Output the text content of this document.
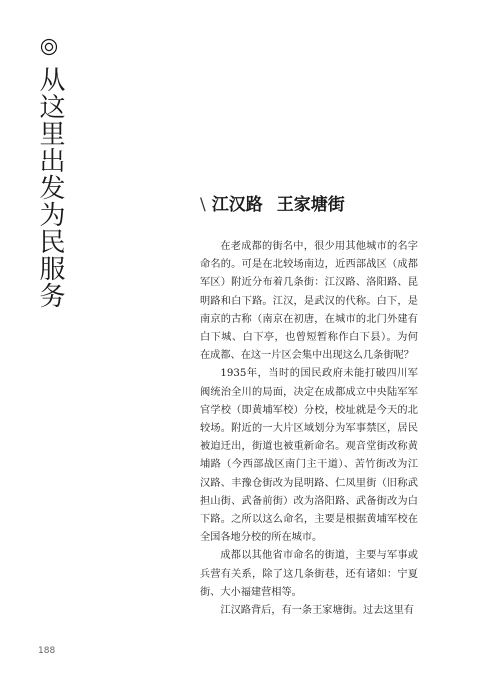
从这里出发为民服务	\ 江汉路 王家塘街

在老成都的街名中，很少用其他城市的名字命名的。可是在北较场南边，近西部战区（成都军区）附近分布着几条街：江汉路、洛阳路、昆明路和白下路。江汉，是武汉的代称。白下，是南京的古称（南京在初唐，在城市的北门外建有白下城、白下亭，也曾短暂称作白下县）。为何在成都、在这一片区会集中出现这么几条街呢？

1935年，当时的国民政府未能打破四川军阀统治全川的局面，决定在成都成立中央陆军军官学校（即黄埔军校）分校，校址就是今天的北较场。附近的一大片区域划分为军事禁区，居民被迫迁出，街道也被重新命名。观音堂街改称黄埔路（今西部战区南门主干道）、苦竹街改为江汉路、丰豫仓街改为昆明路、仁凤里街（旧称武担山街、武备前街）改为洛阳路、武备街改为白下路。之所以这么命名，主要是根据黄埔军校在全国各地分校的所在城市。

成都以其他省市命名的街道，主要与军事或兵营有关系，除了这几条街巷，还有诸如：宁夏街、大小福建营相等。

江汉路背后，有一条王家塘街。过去这里有

188
